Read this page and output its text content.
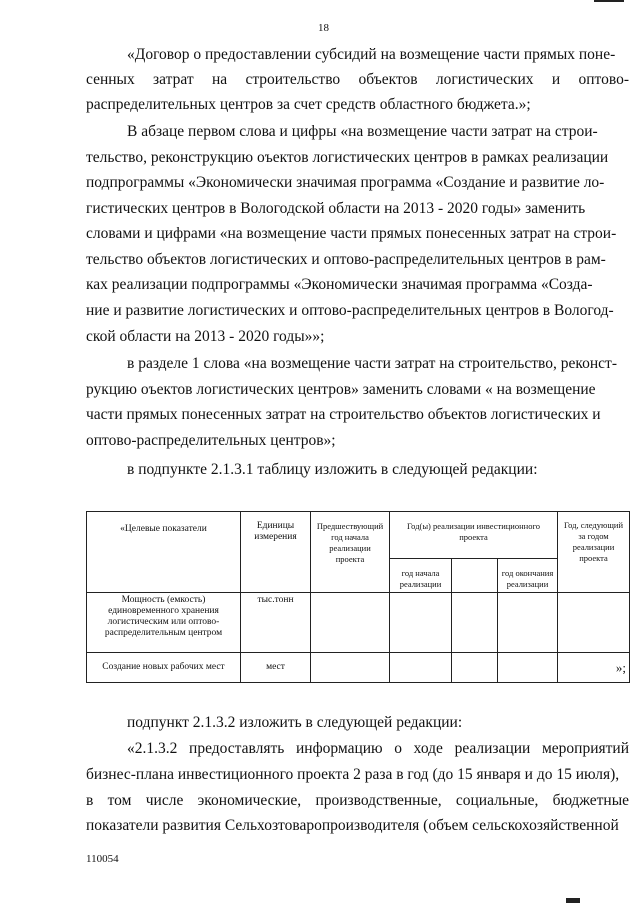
18
«Договор о предоставлении субсидий на возмещение части прямых поне-
сенных затрат на строительство объектов логистических и оптово-
распределительных центров за счет средств областного бюджета.»;
В абзаце первом слова и цифры «на возмещение части затрат на строи-
тельство, реконструкцию оъектов логистических центров в рамках реализации
подпрограммы «Экономически значимая программа «Создание и развитие ло-
гистических центров в Вологодской области на 2013 - 2020 годы» заменить
словами и цифрами «на возмещение части прямых понесенных затрат на строи-
тельство объектов логистических и оптово-распределительных центров в рам-
ках реализации подпрограммы «Экономически значимая программа «Созда-
ние и развитие логистических и оптово-распределительных центров в Вологод-
ской области на 2013 - 2020 годы»»;
в разделе 1 слова «на возмещение части затрат на строительство, реконст-
рукцию оъектов логистических центров» заменить словами « на возмещение
части прямых понесенных затрат на строительство объектов логистических и
оптово-распределительных центров»;
в подпункте 2.1.3.1 таблицу изложить в следующей редакции:
«Целевые показатели	Единицы измерения	Предшествующий год начала реализации проекта	Год(ы) реализации инвестиционного проекта			Год, следующий за годом реализации проекта
			год начала реализации		год окончания реализации	
Мощность (емкость) единовременного хранения логистическим или оптово-распределительным центром	тыс.тонн					
Создание новых рабочих мест	мест					»;
подпункт 2.1.3.2 изложить в следующей редакции:
«2.1.3.2 предоставлять информацию о ходе реализации мероприятий
бизнес-плана инвестиционного проекта 2 раза в год (до 15 января и до 15 июля),
в том числе экономические, производственные, социальные, бюджетные
показатели развития Сельхозтоваропроизводителя (объем сельскохозяйственной
110054
